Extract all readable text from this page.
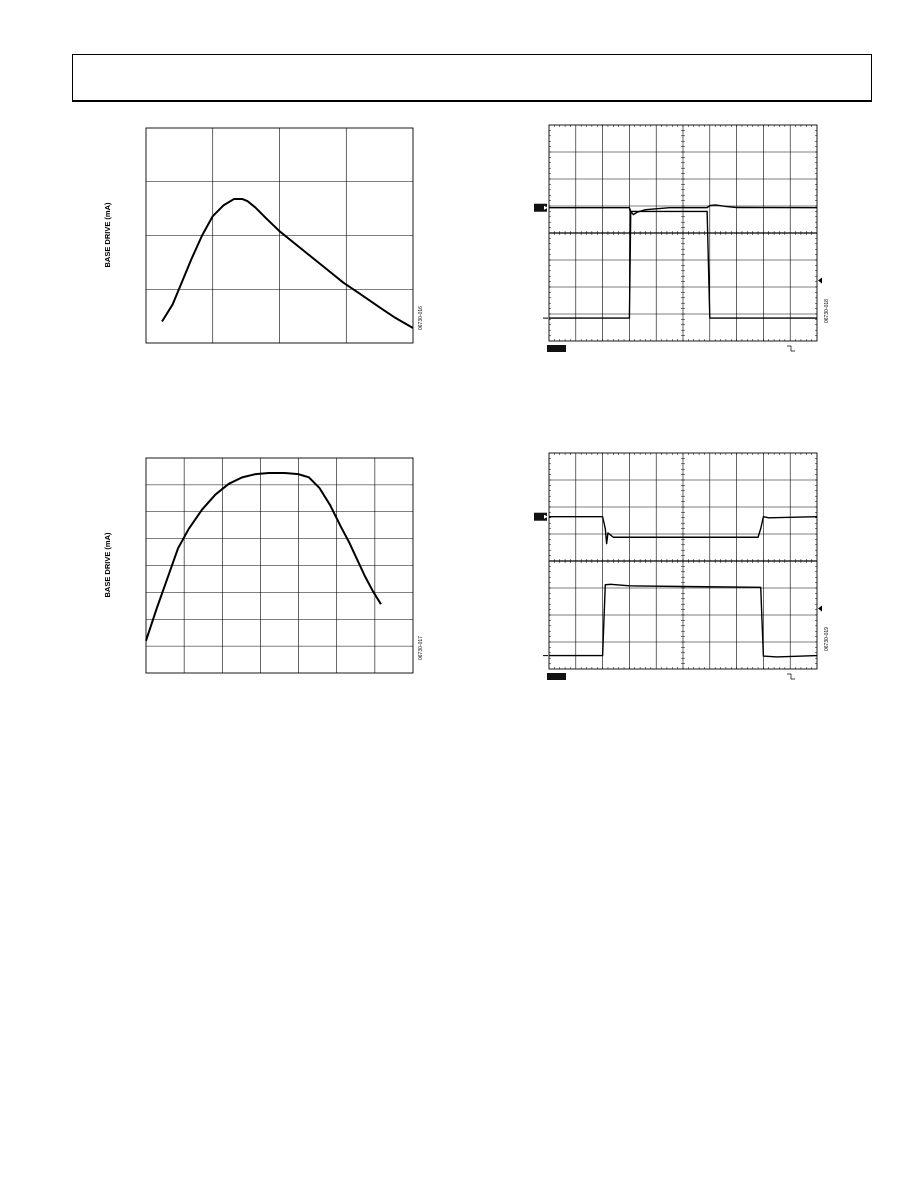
BASE DRIVE (mA)
06730-016
BASE DRIVE (mA)
06730-017
06730-018
06730-019
